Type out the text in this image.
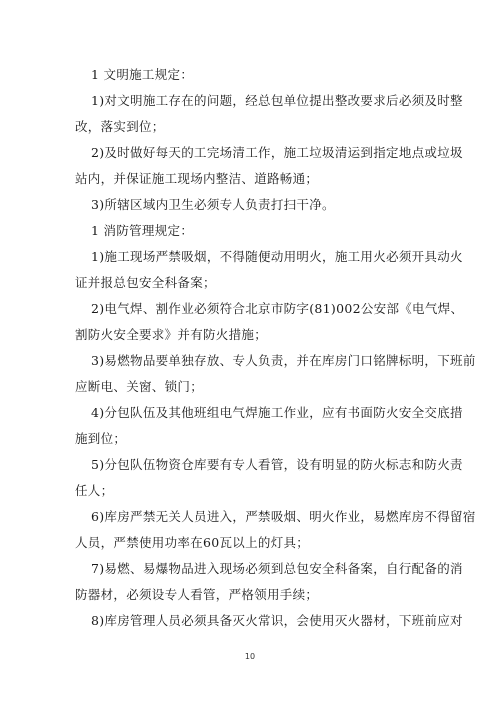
1 文明施工规定：
1)对文明施工存在的问题，经总包单位提出整改要求后必须及时整
改，落实到位；
2)及时做好每天的工完场清工作，施工垃圾清运到指定地点或垃圾
站内，并保证施工现场内整洁、道路畅通；
3)所辖区域内卫生必须专人负责打扫干净。
1 消防管理规定：
1)施工现场严禁吸烟，不得随便动用明火，施工用火必须开具动火
证并报总包安全科备案；
2)电气焊、割作业必须符合北京市防字(81)002公安部《电气焊、
割防火安全要求》并有防火措施；
3)易燃物品要单独存放、专人负责，并在库房门口铭牌标明，下班前
应断电、关窗、锁门；
4)分包队伍及其他班组电气焊施工作业，应有书面防火安全交底措
施到位；
5)分包队伍物资仓库要有专人看管，设有明显的防火标志和防火责
任人；
6)库房严禁无关人员进入，严禁吸烟、明火作业，易燃库房不得留宿
人员，严禁使用功率在60瓦以上的灯具；
7)易燃、易爆物品进入现场必须到总包安全科备案，自行配备的消
防器材，必须设专人看管，严格领用手续；
8)库房管理人员必须具备灭火常识，会使用灭火器材，下班前应对
10
